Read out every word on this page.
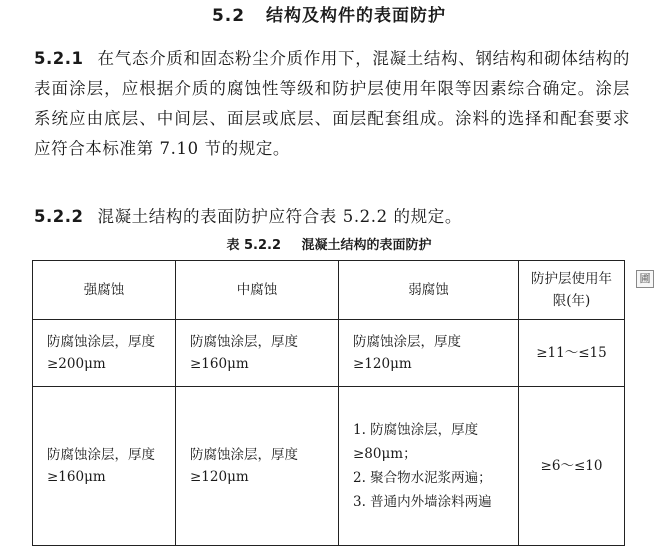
5.2 结构及构件的表面防护
5.2.1 在气态介质和固态粉尘介质作用下，混凝土结构、钢结构和砌体结构的表面涂层，应根据介质的腐蚀性等级和防护层使用年限等因素综合确定。涂层系统应由底层、中间层、面层或底层、面层配套组成。涂料的选择和配套要求应符合本标准第 7.10 节的规定。
5.2.2 混凝土结构的表面防护应符合表 5.2.2 的规定。
表 5.2.2 混凝土结构的表面防护
强腐蚀	中腐蚀	弱腐蚀	防护层使用年限(年)
防腐蚀涂层，厚度≥200μm	防腐蚀涂层，厚度≥160μm	防腐蚀涂层，厚度≥120μm	≥11～≤15
防腐蚀涂层，厚度≥160μm	防腐蚀涂层，厚度≥120μm	1. 防腐蚀涂层，厚度≥80μm；
2. 聚合物水泥浆两遍；
3. 普通内外墙涂料两遍	≥6～≤10
圃
